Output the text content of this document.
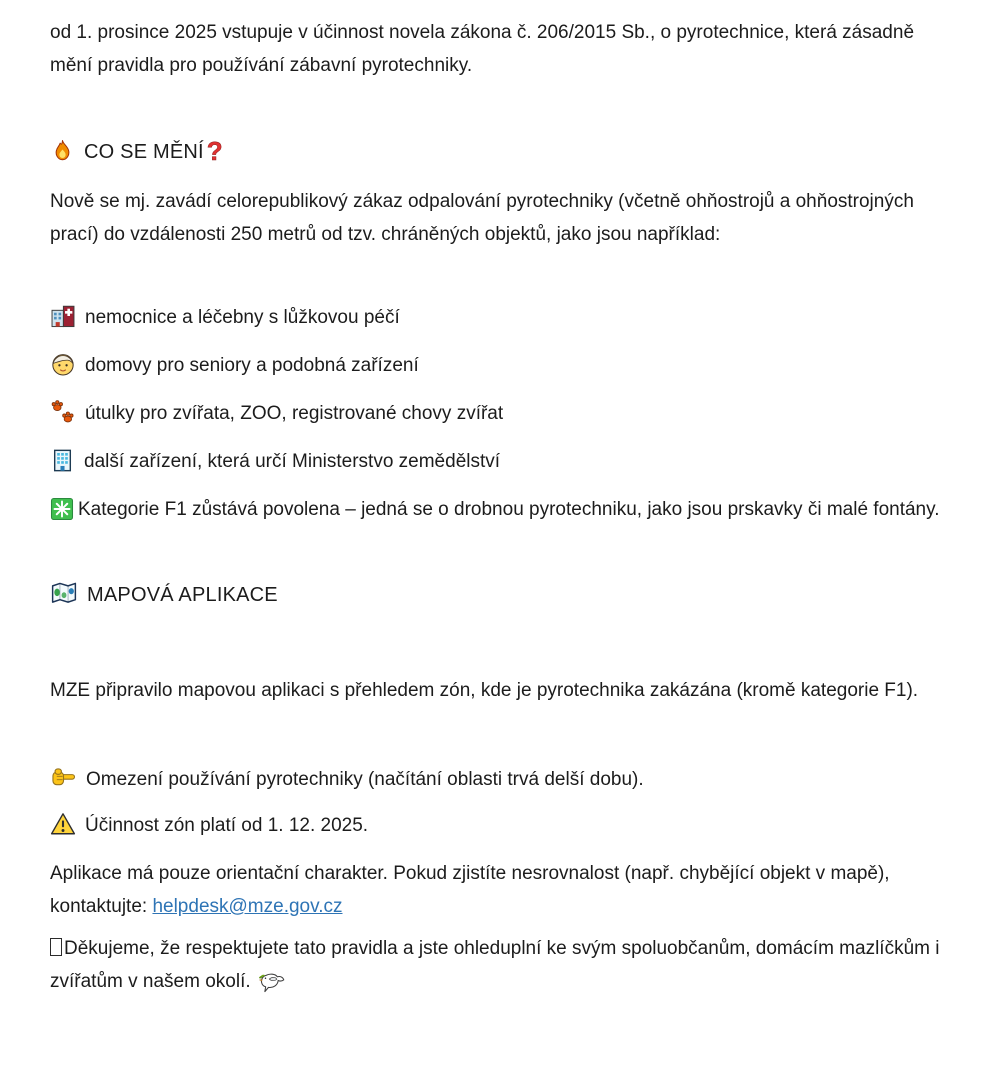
od 1. prosince 2025 vstupuje v účinnost novela zákona č. 206/2015 Sb., o pyrotechnice, která zásadně mění pravidla pro používání zábavní pyrotechniky.

CO SE MĚNÍ ?

Nově se mj. zavádí celorepublikový zákaz odpalování pyrotechniky (včetně ohňostrojů a ohňostrojných prací) do vzdálenosti 250 metrů od tzv. chráněných objektů, jako jsou například:

nemocnice a léčebny s lůžkovou péčí

domovy pro seniory a podobná zařízení

útulky pro zvířata, ZOO, registrované chovy zvířat

další zařízení, která určí Ministerstvo zemědělství

Kategorie F1 zůstává povolena – jedná se o drobnou pyrotechniku, jako jsou prskavky či malé fontány.

MAPOVÁ APLIKACE

MZE připravilo mapovou aplikaci s přehledem zón, kde je pyrotechnika zakázána (kromě kategorie F1).

Omezení používání pyrotechniky (načítání oblasti trvá delší dobu).

Účinnost zón platí od 1. 12. 2025.

Aplikace má pouze orientační charakter. Pokud zjistíte nesrovnalost (např. chybějící objekt v mapě), kontaktujte: helpdesk@mze.gov.cz

Děkujeme, že respektujete tato pravidla a jste ohleduplní ke svým spoluobčanům, domácím mazlíčkům i zvířatům v našem okolí.
